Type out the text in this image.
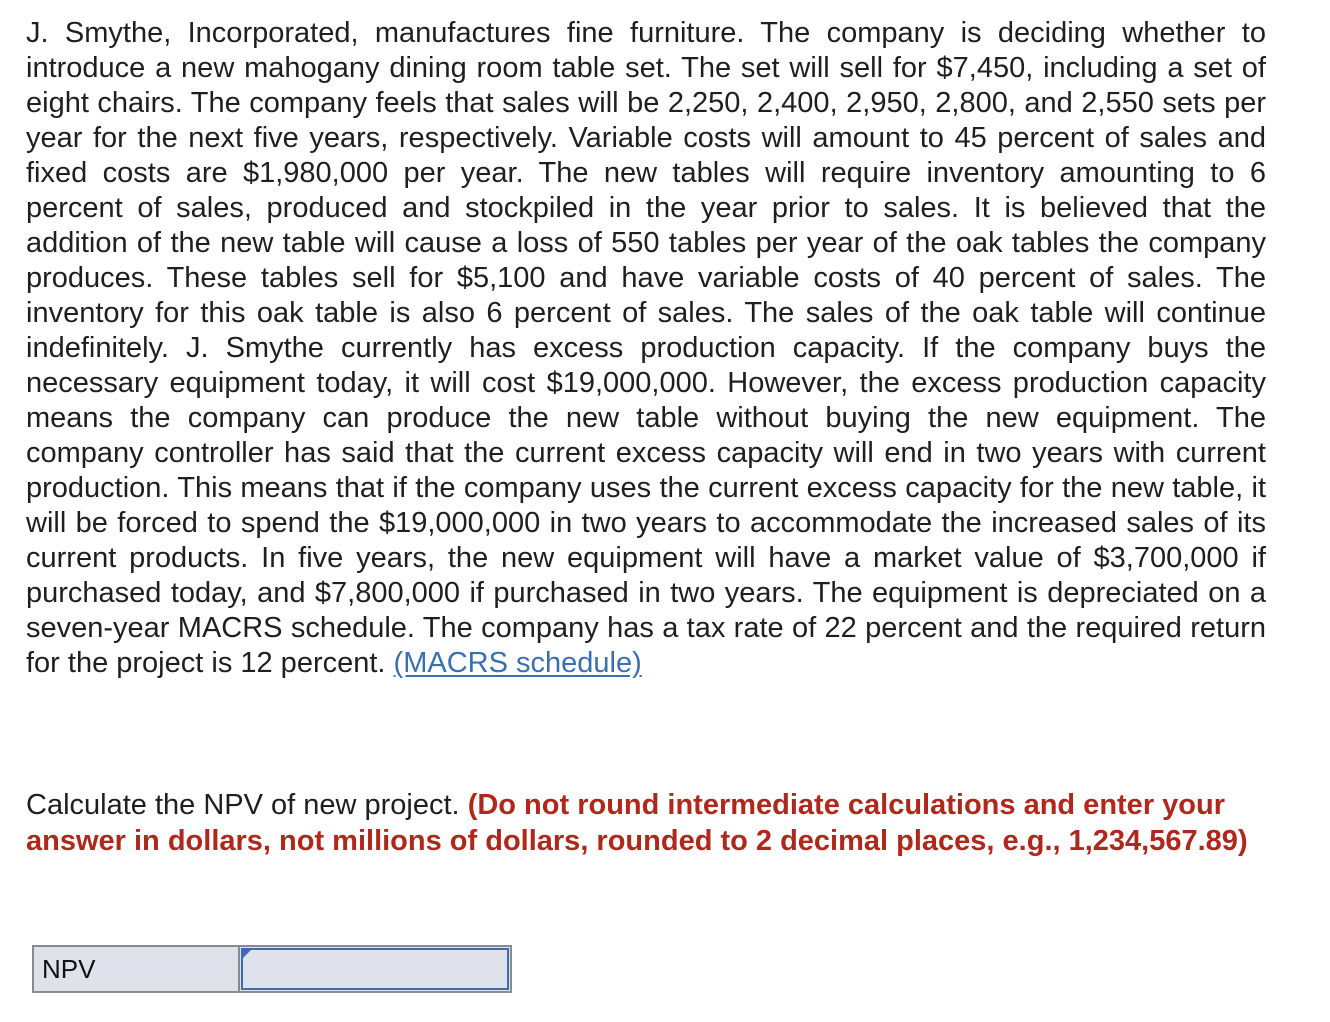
J. Smythe, Incorporated, manufactures fine furniture. The company is deciding whether to introduce a new mahogany dining room table set. The set will sell for $7,450, including a set of eight chairs. The company feels that sales will be 2,250, 2,400, 2,950, 2,800, and 2,550 sets per year for the next five years, respectively. Variable costs will amount to 45 percent of sales and fixed costs are $1,980,000 per year. The new tables will require inventory amounting to 6 percent of sales, produced and stockpiled in the year prior to sales. It is believed that the addition of the new table will cause a loss of 550 tables per year of the oak tables the company produces. These tables sell for $5,100 and have variable costs of 40 percent of sales. The inventory for this oak table is also 6 percent of sales. The sales of the oak table will continue indefinitely. J. Smythe currently has excess production capacity. If the company buys the necessary equipment today, it will cost $19,000,000. However, the excess production capacity means the company can produce the new table without buying the new equipment. The company controller has said that the current excess capacity will end in two years with current production. This means that if the company uses the current excess capacity for the new table, it will be forced to spend the $19,000,000 in two years to accommodate the increased sales of its current products. In five years, the new equipment will have a market value of $3,700,000 if purchased today, and $7,800,000 if purchased in two years. The equipment is depreciated on a seven-year MACRS schedule. The company has a tax rate of 22 percent and the required return for the project is 12 percent. (MACRS schedule)
Calculate the NPV of new project. (Do not round intermediate calculations and enter your answer in dollars, not millions of dollars, rounded to 2 decimal places, e.g., 1,234,567.89)
NPV
